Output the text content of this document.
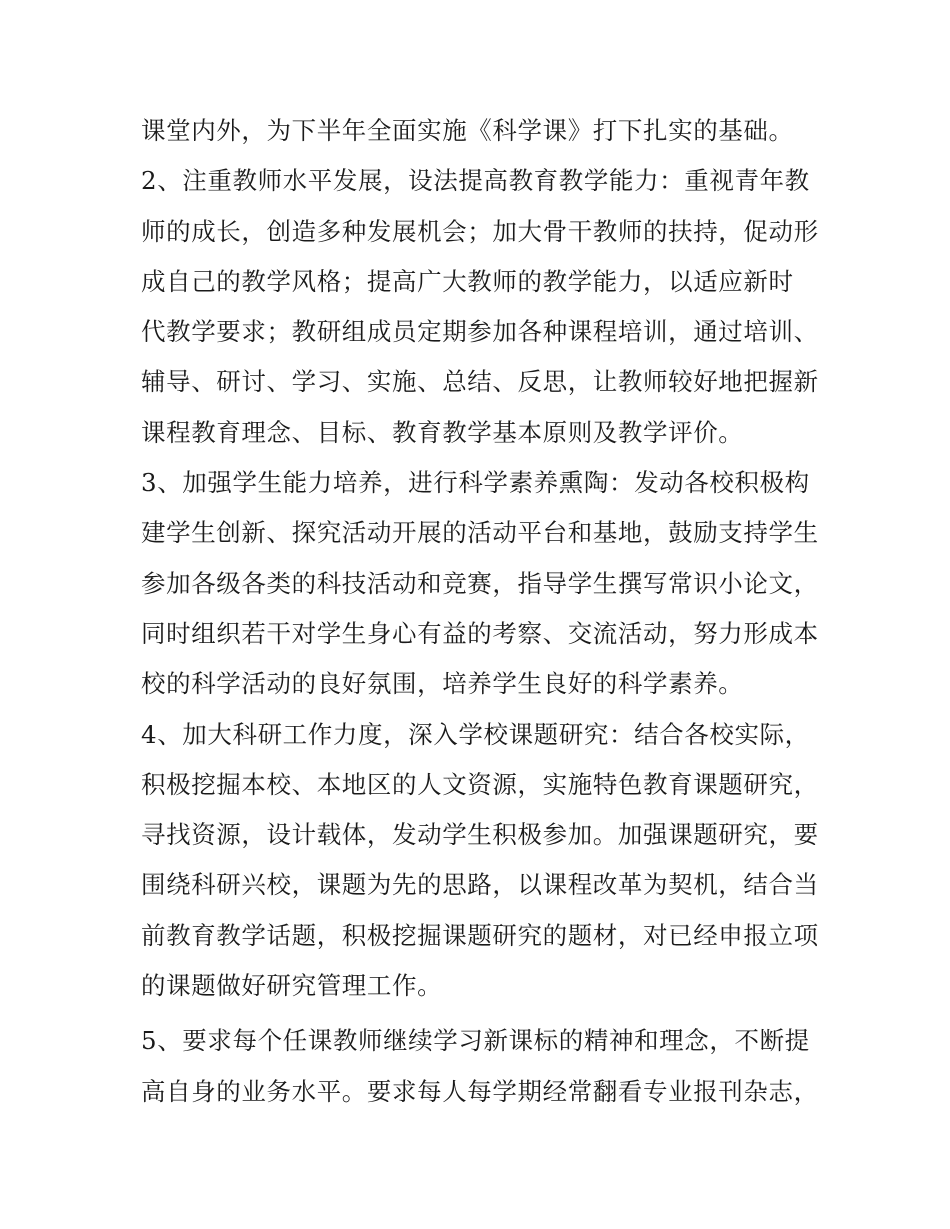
课堂内外，为下半年全面实施《科学课》打下扎实的基础。
2、注重教师水平发展，设法提高教育教学能力：重视青年教
师的成长，创造多种发展机会；加大骨干教师的扶持，促动形
成自己的教学风格；提高广大教师的教学能力，以适应新时
代教学要求；教研组成员定期参加各种课程培训，通过培训、
辅导、研讨、学习、实施、总结、反思，让教师较好地把握新
课程教育理念、目标、教育教学基本原则及教学评价。
3、加强学生能力培养，进行科学素养熏陶：发动各校积极构
建学生创新、探究活动开展的活动平台和基地，鼓励支持学生
参加各级各类的科技活动和竞赛，指导学生撰写常识小论文，
同时组织若干对学生身心有益的考察、交流活动，努力形成本
校的科学活动的良好氛围，培养学生良好的科学素养。
4、加大科研工作力度，深入学校课题研究：结合各校实际，
积极挖掘本校、本地区的人文资源，实施特色教育课题研究，
寻找资源，设计载体，发动学生积极参加。加强课题研究，要
围绕科研兴校，课题为先的思路，以课程改革为契机，结合当
前教育教学话题，积极挖掘课题研究的题材，对已经申报立项
的课题做好研究管理工作。
5、要求每个任课教师继续学习新课标的精神和理念，不断提
高自身的业务水平。要求每人每学期经常翻看专业报刊杂志，
